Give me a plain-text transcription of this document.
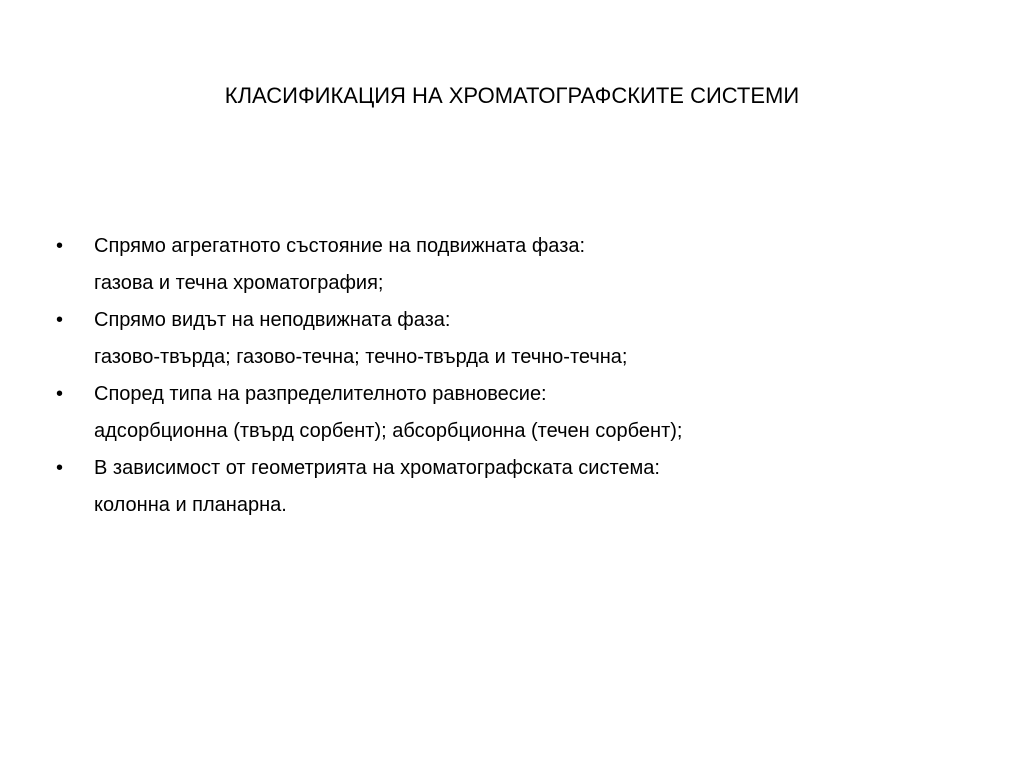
КЛАСИФИКАЦИЯ НА ХРОМАТОГРАФСКИТЕ СИСТЕМИ
•	Спрямо агрегатното състояние на подвижната фаза:
газова и течна хроматография;
•	Спрямо видът на неподвижната фаза:
газово-твърда; газово-течна; течно-твърда и течно-течна;
•	Според типа на разпределителното равновесие:
адсорбционна (твърд сорбент); абсорбционна (течен сорбент);
•	В зависимост от геометрията на хроматографската система:
колонна и планарна.
